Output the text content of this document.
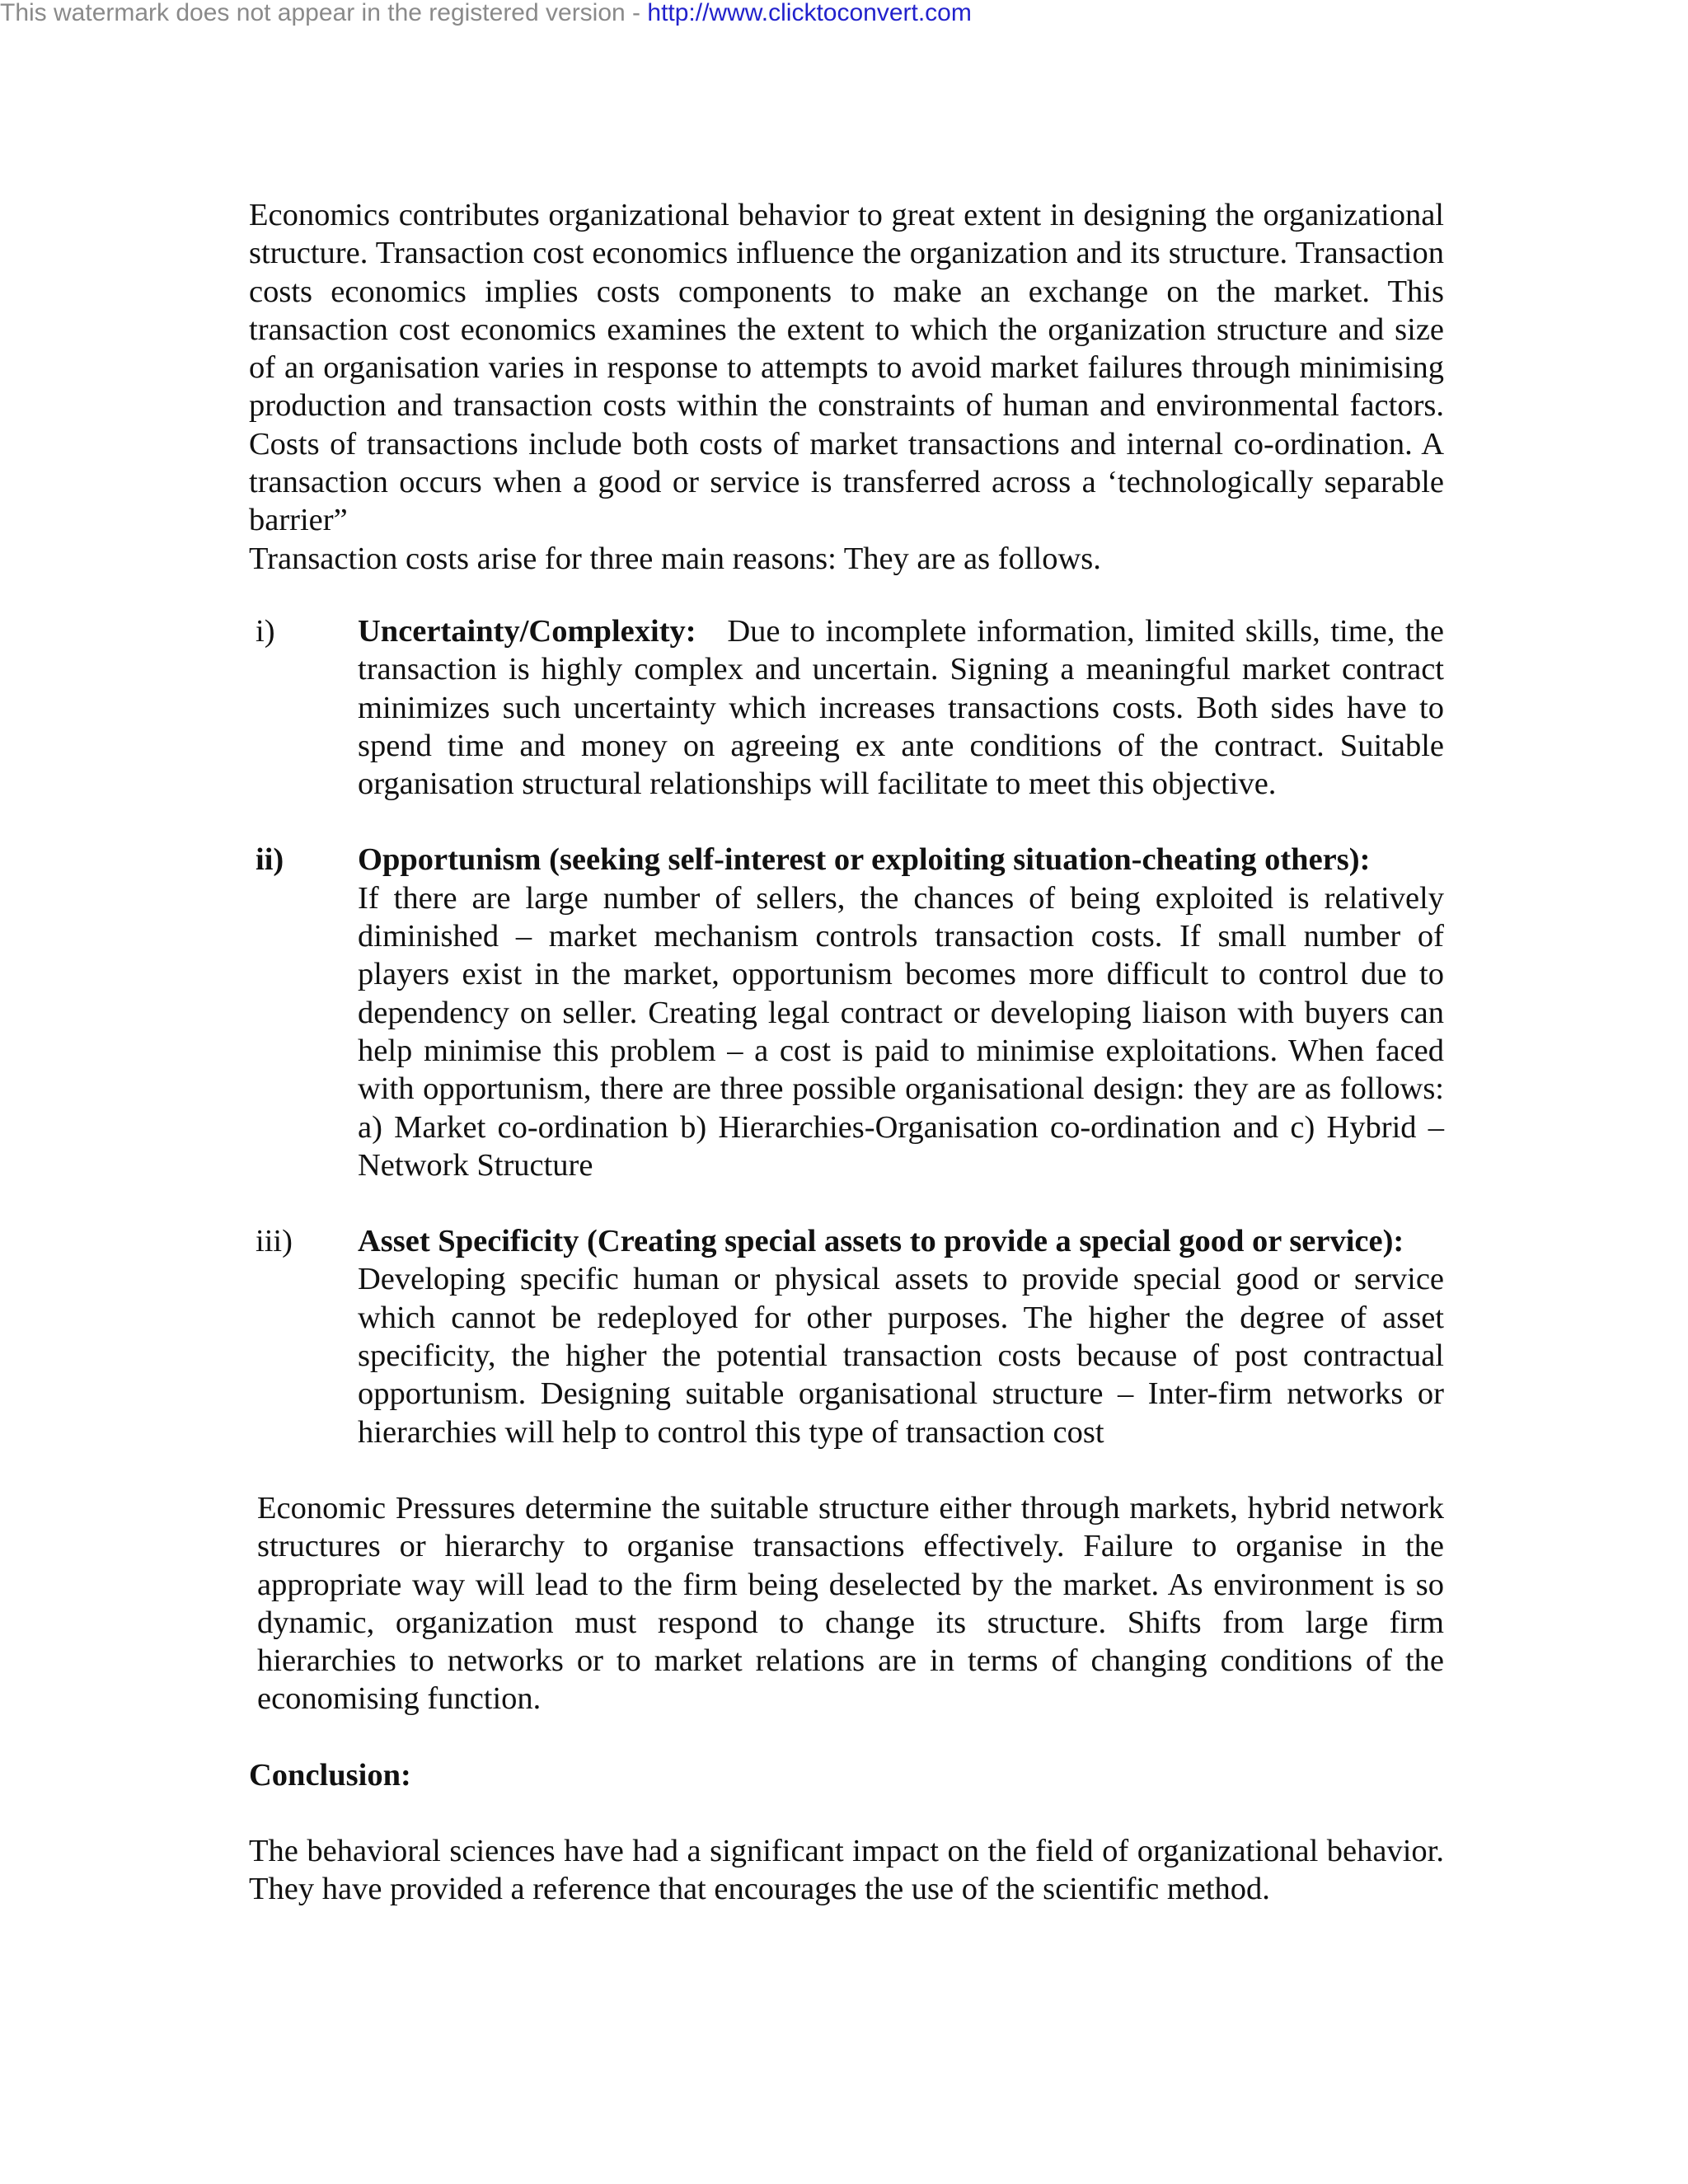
This watermark does not appear in the registered version - http://www.clicktoconvert.com

Economics contributes organizational behavior to great extent in designing the organizational structure. Transaction cost economics influence the organization and its structure. Transaction costs economics implies costs components to make an exchange on the market. This transaction cost economics examines the extent to which the organization structure and size of an organisation varies in response to attempts to avoid market failures through minimising production and transaction costs within the constraints of human and environmental factors. Costs of transactions include both costs of market transactions and internal co-ordination. A transaction occurs when a good or service is transferred across a ‘technologically separable barrier”

Transaction costs arise for three main reasons: They are as follows.

i)	Uncertainty/Complexity: Due to incomplete information, limited skills, time, the transaction is highly complex and uncertain. Signing a meaningful market contract minimizes such uncertainty which increases transactions costs. Both sides have to spend time and money on agreeing ex ante conditions of the contract. Suitable organisation structural relationships will facilitate to meet this objective.
ii)	Opportunism (seeking self-interest or exploiting situation-cheating others):
If there are large number of sellers, the chances of being exploited is relatively diminished – market mechanism controls transaction costs. If small number of players exist in the market, opportunism becomes more difficult to control due to dependency on seller. Creating legal contract or developing liaison with buyers can help minimise this problem – a cost is paid to minimise exploitations. When faced with opportunism, there are three possible organisational design: they are as follows: a) Market co-ordination b) Hierarchies-Organisation co-ordination and c) Hybrid –Network Structure
iii)	Asset Specificity (Creating special assets to provide a special good or service):
Developing specific human or physical assets to provide special good or service which cannot be redeployed for other purposes. The higher the degree of asset specificity, the higher the potential transaction costs because of post contractual opportunism. Designing suitable organisational structure – Inter-firm networks or hierarchies will help to control this type of transaction cost

Economic Pressures determine the suitable structure either through markets, hybrid network structures or hierarchy to organise transactions effectively. Failure to organise in the appropriate way will lead to the firm being deselected by the market. As environment is so dynamic, organization must respond to change its structure. Shifts from large firm hierarchies to networks or to market relations are in terms of changing conditions of the economising function.

Conclusion:

The behavioral sciences have had a significant impact on the field of organizational behavior. They have provided a reference that encourages the use of the scientific method.
